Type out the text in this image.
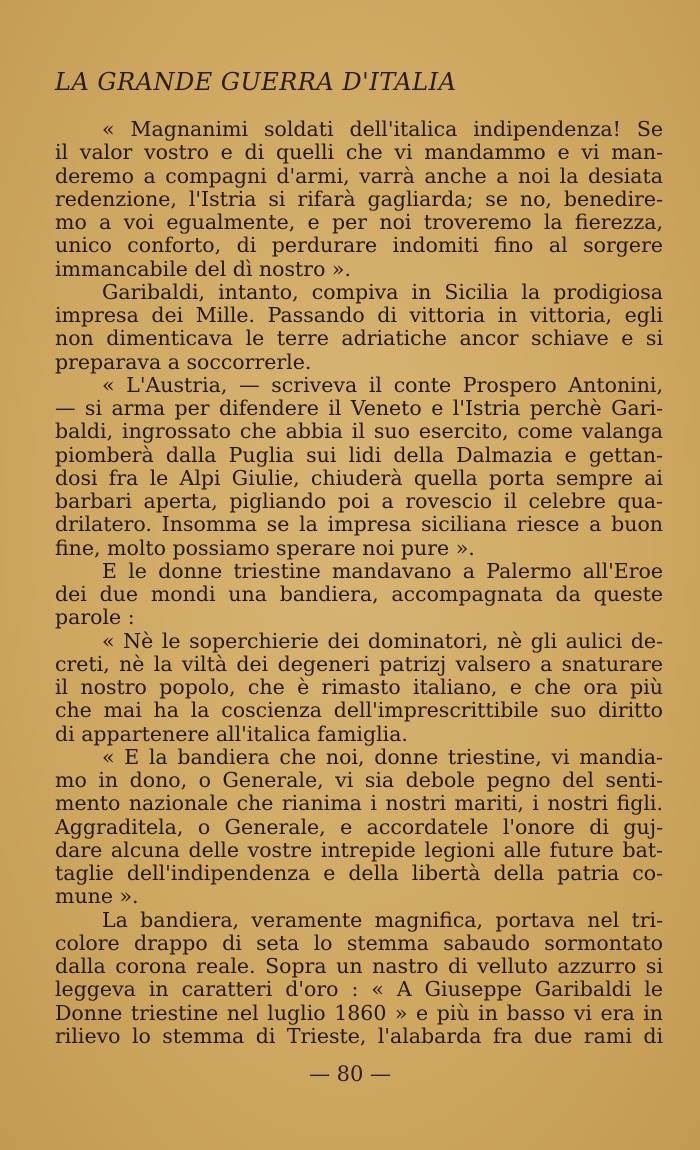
LA GRANDE GUERRA D'ITALIA
« Magnanimi soldati dell'italica indipendenza! Se
il valor vostro e di quelli che vi mandammo e vi man-
deremo a compagni d'armi, varrà anche a noi la desiata
redenzione, l'Istria si rifarà gagliarda; se no, benedire-
mo a voi egualmente, e per noi troveremo la fierezza,
unico conforto, di perdurare indomiti fino al sorgere
immancabile del dì nostro ».
Garibaldi, intanto, compiva in Sicilia la prodigiosa
impresa dei Mille. Passando di vittoria in vittoria, egli
non dimenticava le terre adriatiche ancor schiave e si
preparava a soccorrerle.
« L'Austria, — scriveva il conte Prospero Antonini,
— si arma per difendere il Veneto e l'Istria perchè Gari-
baldi, ingrossato che abbia il suo esercito, come valanga
piomberà dalla Puglia sui lidi della Dalmazia e gettan-
dosi fra le Alpi Giulie, chiuderà quella porta sempre ai
barbari aperta, pigliando poi a rovescio il celebre qua-
drilatero. Insomma se la impresa siciliana riesce a buon
fine, molto possiamo sperare noi pure ».
E le donne triestine mandavano a Palermo all'Eroe
dei due mondi una bandiera, accompagnata da queste
parole :
« Nè le soperchierie dei dominatori, nè gli aulici de-
creti, nè la viltà dei degeneri patrizj valsero a snaturare
il nostro popolo, che è rimasto italiano, e che ora più
che mai ha la coscienza dell'imprescrittibile suo diritto
di appartenere all'italica famiglia.
« E la bandiera che noi, donne triestine, vi mandia-
mo in dono, o Generale, vi sia debole pegno del senti-
mento nazionale che rianima i nostri mariti, i nostri figli.
Aggraditela, o Generale, e accordatele l'onore di guj-
dare alcuna delle vostre intrepide legioni alle future bat-
taglie dell'indipendenza e della libertà della patria co-
mune ».
La bandiera, veramente magnifica, portava nel tri-
colore drappo di seta lo stemma sabaudo sormontato
dalla corona reale. Sopra un nastro di velluto azzurro si
leggeva in caratteri d'oro : « A Giuseppe Garibaldi le
Donne triestine nel luglio 1860 » e più in basso vi era in
rilievo lo stemma di Trieste, l'alabarda fra due rami di
— 80 —
